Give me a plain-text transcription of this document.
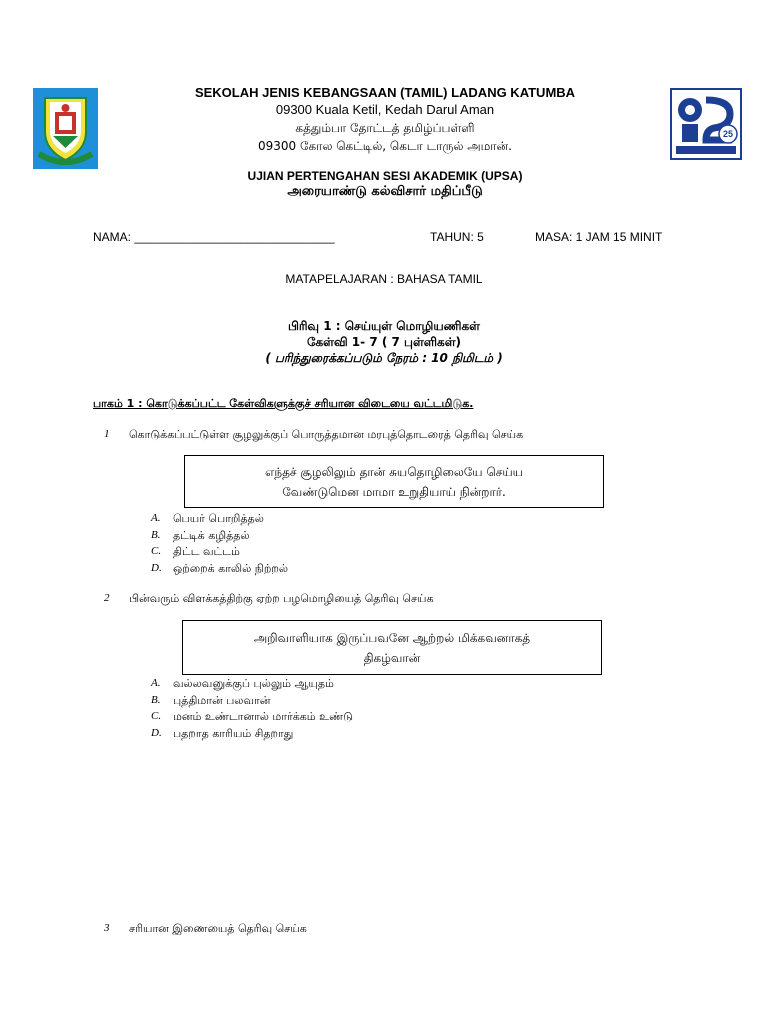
25
SEKOLAH JENIS KEBANGSAAN (TAMIL) LADANG KATUMBA
09300 Kuala Ketil, Kedah Darul Aman
கத்தும்பா தோட்டத் தமிழ்ப்பள்ளி
09300 கோல கெட்டில், கெடா டாருல் அமான்.
UJIAN PERTENGAHAN SESI AKADEMIK (UPSA)
அரையாண்டு கல்விசார் மதிப்பீடு
NAMA: ______________________________	TAHUN: 5	MASA: 1 JAM 15 MINIT
MATAPELAJARAN : BAHASA TAMIL
பிரிவு 1 : செய்யுள் மொழியணிகள்
கேள்வி 1- 7 ( 7 புள்ளிகள்)
( பரிந்துரைக்கப்படும் நேரம் : 10 நிமிடம் )
பாகம் 1 : கொடுக்கப்பட்ட கேள்விகளுக்குச் சரியான விடையை வட்டமிடுக.
1 கொடுக்கப்பட்டுள்ள சூழலுக்குப் பொருத்தமான மரபுத்தொடரைத் தெரிவு செய்க
எந்தச் சூழலிலும் தான் சுயதொழிலையே செய்ய
வேண்டுமென மாமா உறுதியாய் நின்றார்.
A. பெயர் பொறித்தல்
B. தட்டிக் கழித்தல்
C. திட்ட வட்டம்
D. ஒற்றைக் காலில் நிற்றல்
2 பின்வரும் விளக்கத்திற்கு ஏற்ற பழமொழியைத் தெரிவு செய்க
அறிவாளியாக இருப்பவனே ஆற்றல் மிக்கவனாகத்
திகழ்வான்
A. வல்லவனுக்குப் புல்லும் ஆயுதம்
B. புத்திமான் பலவான்
C. மனம் உண்டானால் மார்க்கம் உண்டு
D. பதறாத காரியம் சிதறாது
3 சரியான இணையைத் தெரிவு செய்க
